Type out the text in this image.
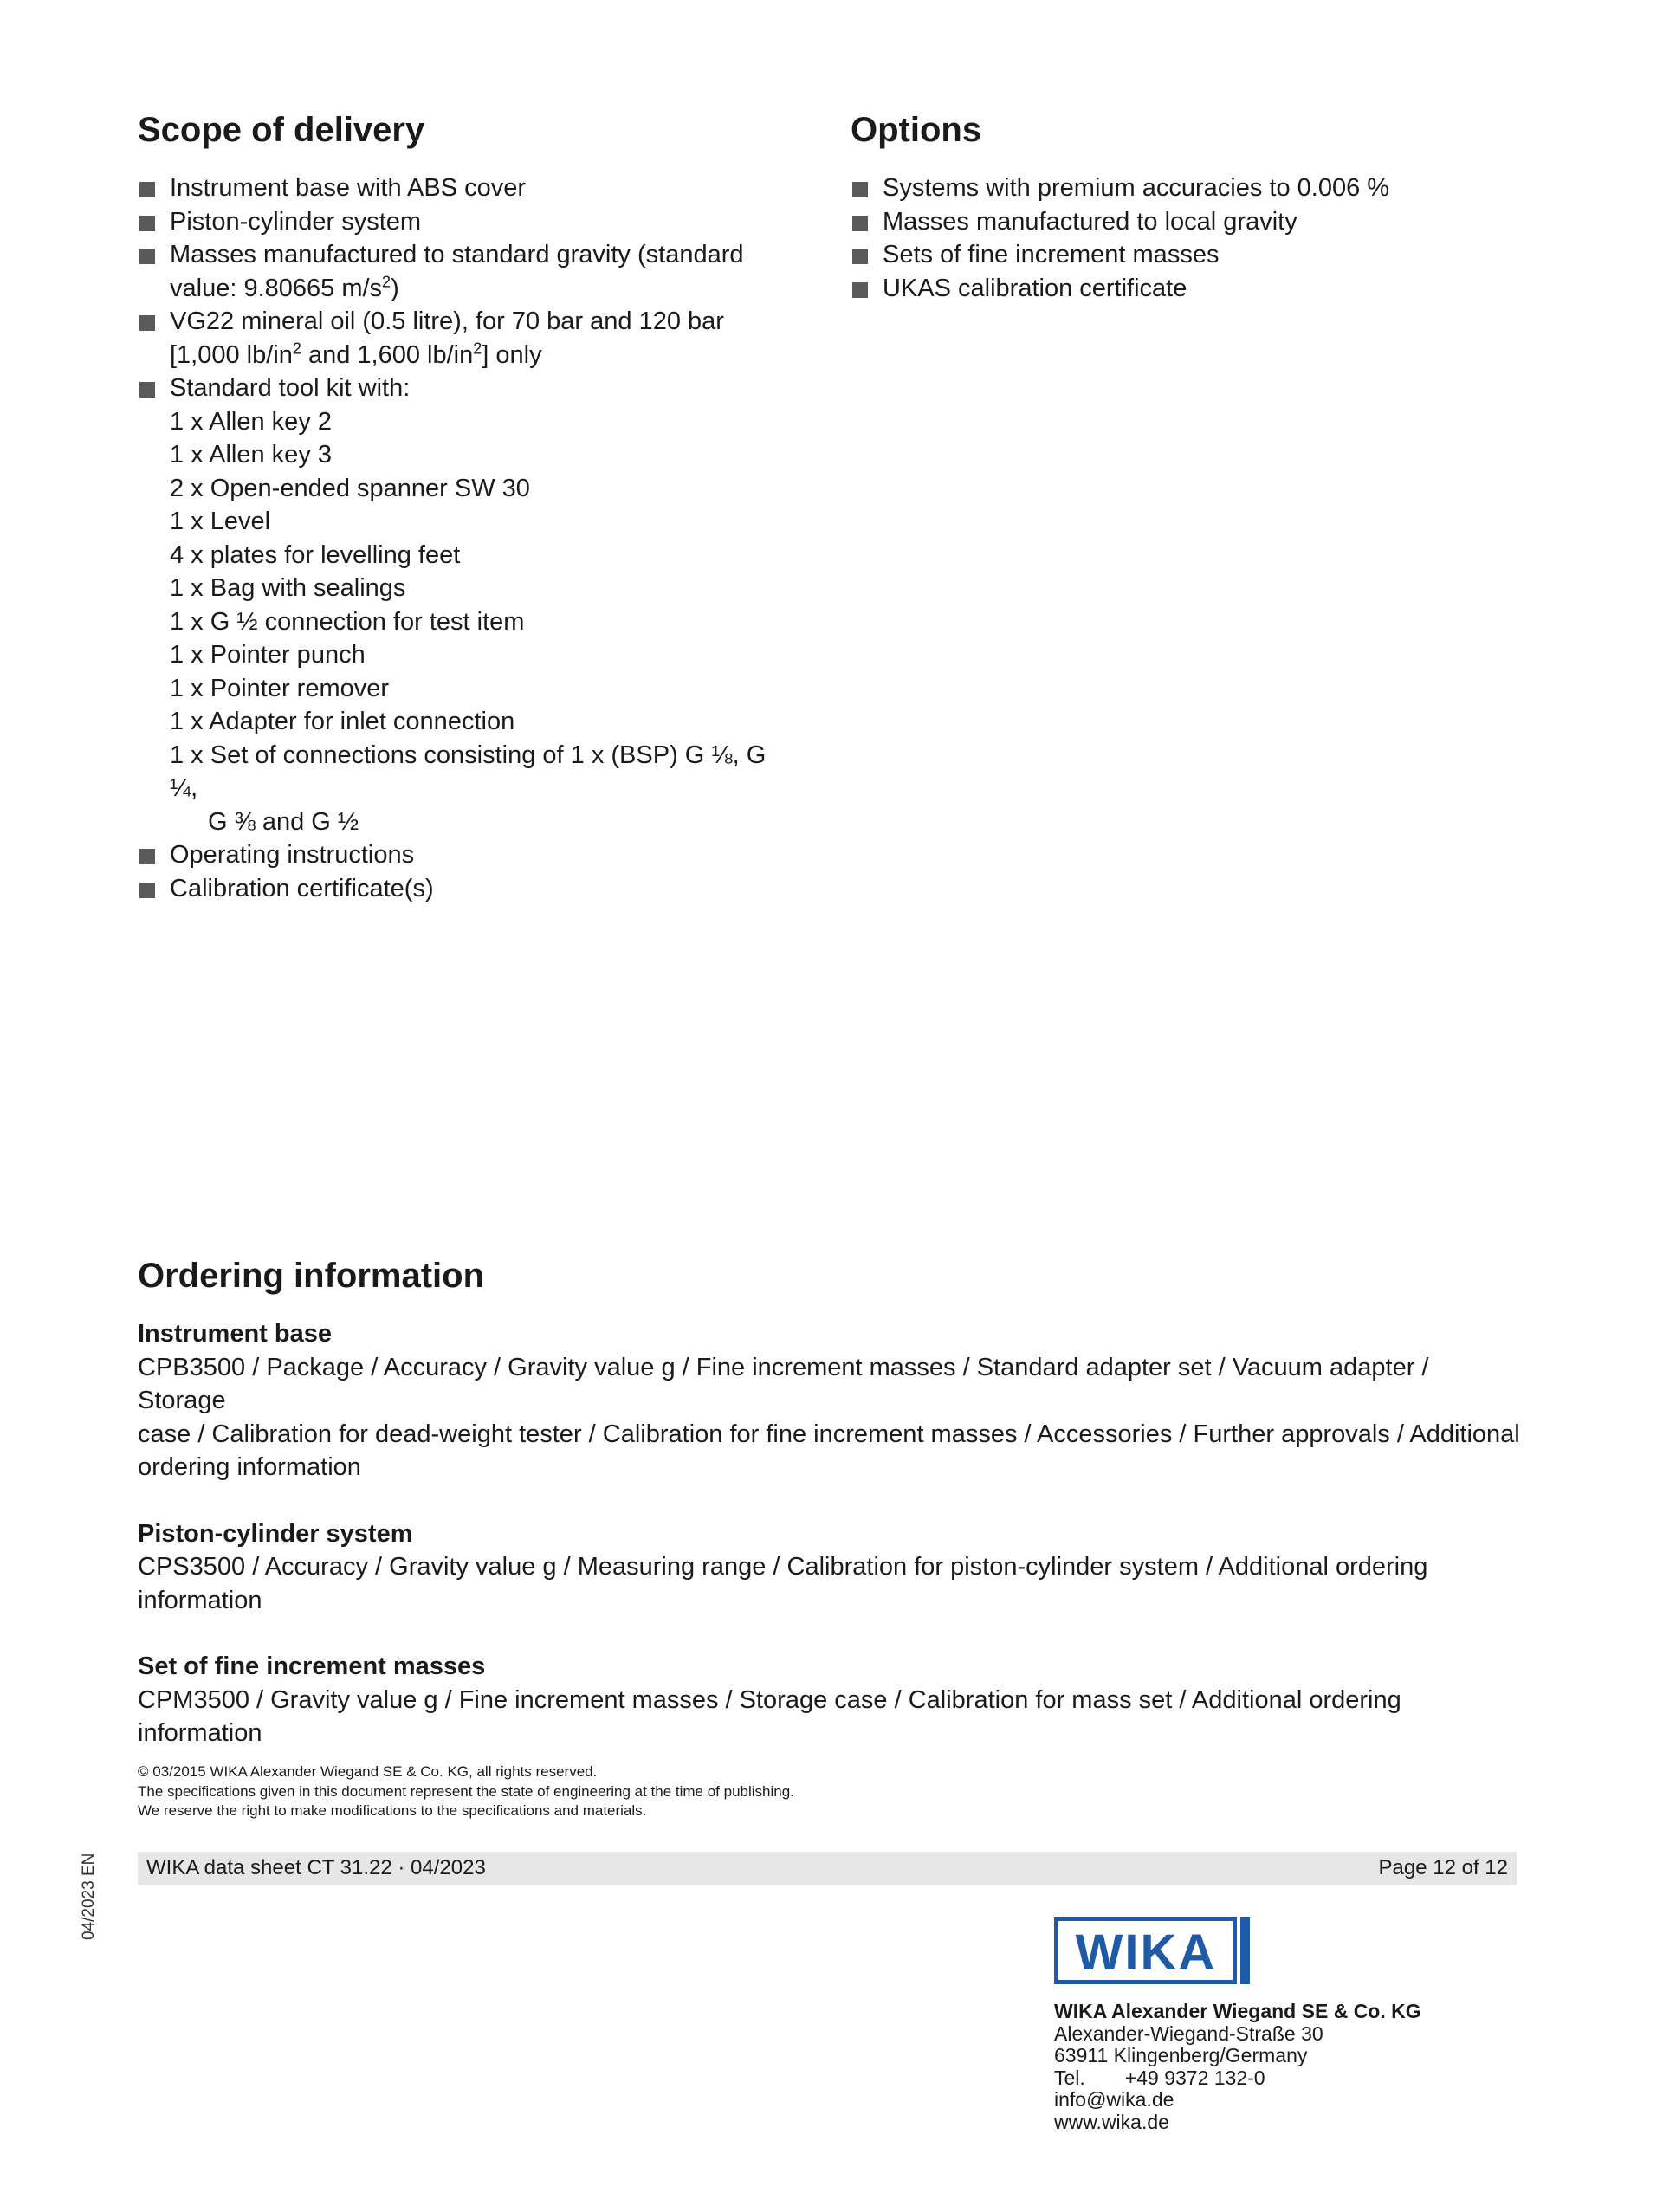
Scope of delivery
Instrument base with ABS cover
Piston-cylinder system
Masses manufactured to standard gravity (standard
value: 9.80665 $m/s^2$)
VG22 mineral oil (0.5 litre), for 70 bar and 120 bar
[1,000 $lb/in^2$ and 1,600 $lb/in^2$] only
Standard tool kit with:
1 x Allen key 2
1 x Allen key 3
2 x Open-ended spanner SW 30
1 x Level
4 x plates for levelling feet
1 x Bag with sealings
1 x G ½ connection for test item
1 x Pointer punch
1 x Pointer remover
1 x Adapter for inlet connection
1 x Set of connections consisting of 1 x (BSP) G ⅛, G ¼,
G ⅜ and G ½
Operating instructions
Calibration certificate(s)
Options
Systems with premium accuracies to 0.006 %
Masses manufactured to local gravity
Sets of fine increment masses
UKAS calibration certificate
Ordering information
Instrument base

CPB3500 / Package / Accuracy / Gravity value g / Fine increment masses / Standard adapter set / Vacuum adapter / Storage

case / Calibration for dead-weight tester / Calibration for fine increment masses / Accessories / Further approvals / Additional

ordering information

Piston-cylinder system

CPS3500 / Accuracy / Gravity value g / Measuring range / Calibration for piston-cylinder system / Additional ordering

information

Set of fine increment masses

CPM3500 / Gravity value g / Fine increment masses / Storage case / Calibration for mass set / Additional ordering information

© 03/2015 WIKA Alexander Wiegand SE & Co. KG, all rights reserved.
The specifications given in this document represent the state of engineering at the time of publishing.
We reserve the right to make modifications to the specifications and materials.
WIKA data sheet CT 31.22 · 04/2023	Page 12 of 12
04/2023 EN
WIKA
WIKA Alexander Wiegand SE & Co. KG
Alexander-Wiegand-Straße 30
63911 Klingenberg/Germany
Tel. +49 9372 132-0
info@wika.de
www.wika.de
